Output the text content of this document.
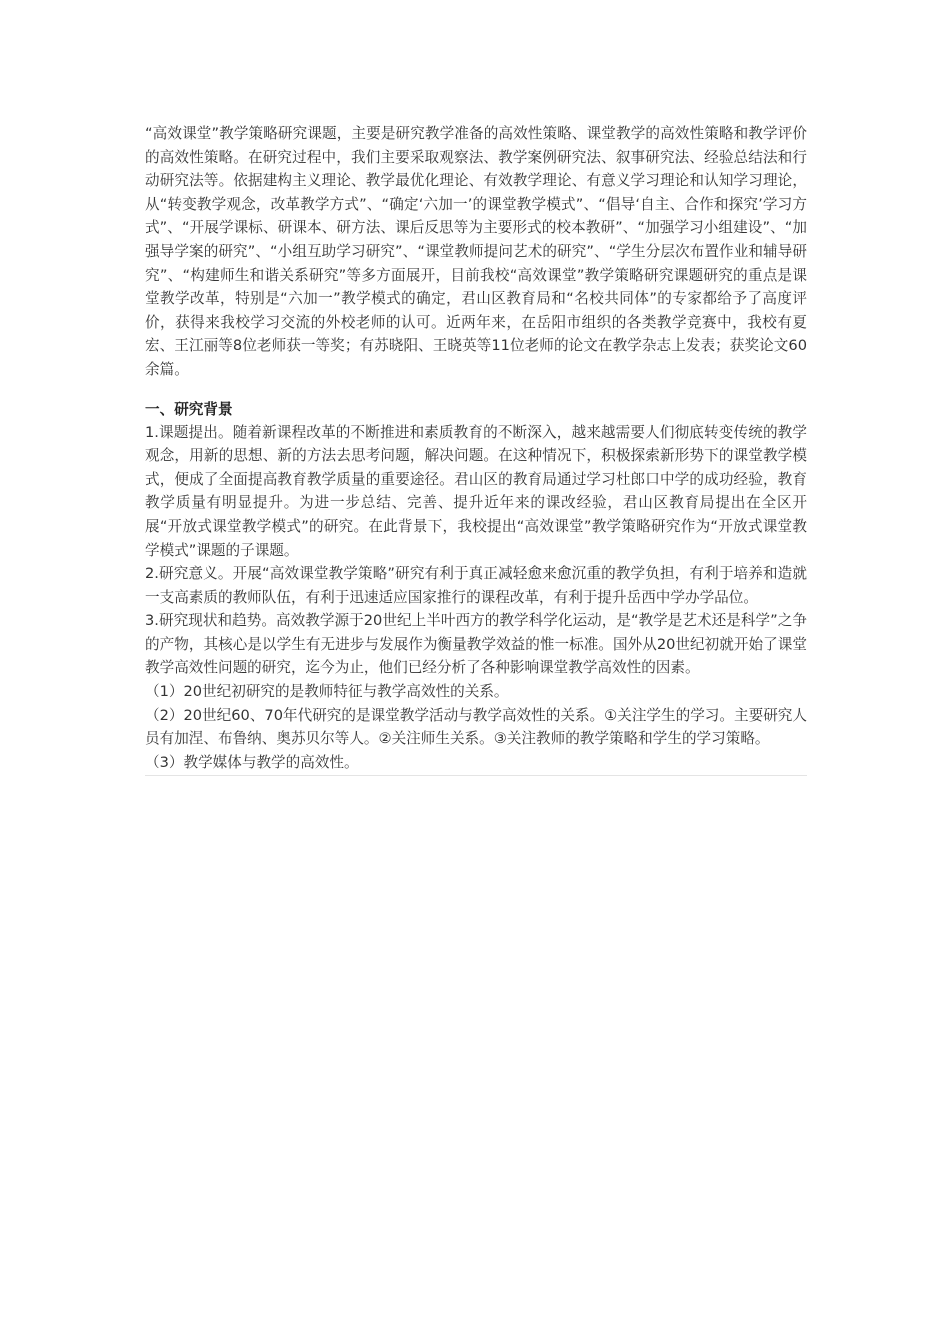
“高效课堂”教学策略研究课题，主要是研究教学准备的高效性策略、课堂教学的高效性策略和教学评价的高效性策略。在研究过程中，我们主要采取观察法、教学案例研究法、叙事研究法、经验总结法和行动研究法等。依据建构主义理论、教学最优化理论、有效教学理论、有意义学习理论和认知学习理论，从“转变教学观念，改革教学方式”、“确定‘六加一’的课堂教学模式”、“倡导‘自主、合作和探究’学习方式”、“开展学课标、研课本、研方法、课后反思等为主要形式的校本教研”、“加强学习小组建设”、“加强导学案的研究”、“小组互助学习研究”、“课堂教师提问艺术的研究”、“学生分层次布置作业和辅导研究”、“构建师生和谐关系研究”等多方面展开，目前我校“高效课堂”教学策略研究课题研究的重点是课堂教学改革，特别是“六加一”教学模式的确定，君山区教育局和“名校共同体”的专家都给予了高度评价，获得来我校学习交流的外校老师的认可。近两年来，在岳阳市组织的各类教学竞赛中，我校有夏宏、王江丽等8位老师获一等奖；有苏晓阳、王晓英等11位老师的论文在教学杂志上发表；获奖论文60余篇。

一、研究背景

1.课题提出。随着新课程改革的不断推进和素质教育的不断深入，越来越需要人们彻底转变传统的教学观念，用新的思想、新的方法去思考问题，解决问题。在这种情况下，积极探索新形势下的课堂教学模式，便成了全面提高教育教学质量的重要途径。君山区的教育局通过学习杜郎口中学的成功经验，教育教学质量有明显提升。为进一步总结、完善、提升近年来的课改经验，君山区教育局提出在全区开展“开放式课堂教学模式”的研究。在此背景下，我校提出“高效课堂”教学策略研究作为“开放式课堂教学模式”课题的子课题。

2.研究意义。开展“高效课堂教学策略”研究有利于真正减轻愈来愈沉重的教学负担，有利于培养和造就一支高素质的教师队伍，有利于迅速适应国家推行的课程改革，有利于提升岳西中学办学品位。

3.研究现状和趋势。高效教学源于20世纪上半叶西方的教学科学化运动，是“教学是艺术还是科学”之争的产物，其核心是以学生有无进步与发展作为衡量教学效益的惟一标准。国外从20世纪初就开始了课堂教学高效性问题的研究，迄今为止，他们已经分析了各种影响课堂教学高效性的因素。

（1）20世纪初研究的是教师特征与教学高效性的关系。

（2）20世纪60、70年代研究的是课堂教学活动与教学高效性的关系。①关注学生的学习。主要研究人员有加涅、布鲁纳、奥苏贝尔等人。②关注师生关系。③关注教师的教学策略和学生的学习策略。

（3）教学媒体与教学的高效性。
